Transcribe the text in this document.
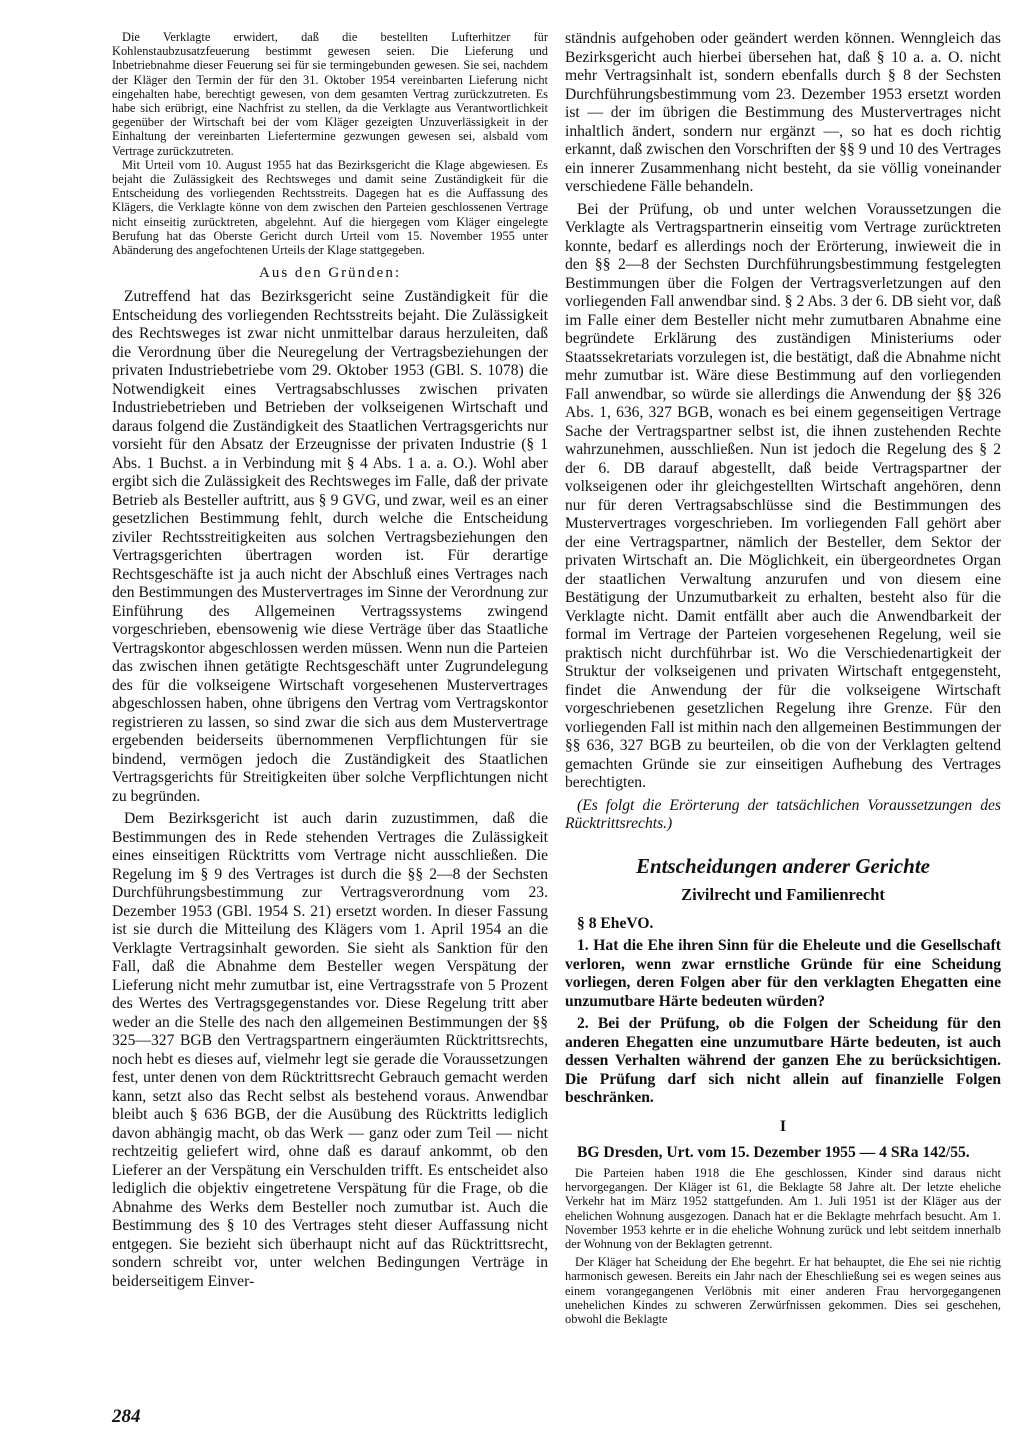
Die Verklagte erwidert, daß die bestellten Lufterhitzer für Kohlenstaubzusatzfeuerung bestimmt gewesen seien. Die Lieferung und Inbetriebnahme dieser Feuerung sei für sie termingebunden gewesen. Sie sei, nachdem der Kläger den Termin der für den 31. Oktober 1954 vereinbarten Lieferung nicht eingehalten habe, berechtigt gewesen, von dem gesamten Vertrag zurückzutreten. Es habe sich erübrigt, eine Nachfrist zu stellen, da die Verklagte aus Verantwortlichkeit gegenüber der Wirtschaft bei der vom Kläger gezeigten Unzuverlässigkeit in der Einhaltung der vereinbarten Liefertermine gezwungen gewesen sei, alsbald vom Vertrage zurückzutreten.

Mit Urteil vom 10. August 1955 hat das Bezirksgericht die Klage abgewiesen. Es bejaht die Zulässigkeit des Rechtsweges und damit seine Zuständigkeit für die Entscheidung des vorliegenden Rechtsstreits. Dagegen hat es die Auffassung des Klägers, die Verklagte könne von dem zwischen den Parteien geschlossenen Vertrage nicht einseitig zurücktreten, abgelehnt. Auf die hiergegen vom Kläger eingelegte Berufung hat das Oberste Gericht durch Urteil vom 15. November 1955 unter Abänderung des angefochtenen Urteils der Klage stattgegeben.

Aus den Gründen:

Zutreffend hat das Bezirksgericht seine Zuständigkeit für die Entscheidung des vorliegenden Rechtsstreits bejaht. Die Zulässigkeit des Rechtsweges ist zwar nicht unmittelbar daraus herzuleiten, daß die Verordnung über die Neuregelung der Vertragsbeziehungen der privaten Industriebetriebe vom 29. Oktober 1953 (GBl. S. 1078) die Notwendigkeit eines Vertragsabschlusses zwischen privaten Industriebetrieben und Betrieben der volkseigenen Wirtschaft und daraus folgend die Zuständigkeit des Staatlichen Vertragsgerichts nur vorsieht für den Absatz der Erzeugnisse der privaten Industrie (§ 1 Abs. 1 Buchst. a in Verbindung mit § 4 Abs. 1 a. a. O.). Wohl aber ergibt sich die Zulässigkeit des Rechtsweges im Falle, daß der private Betrieb als Besteller auftritt, aus § 9 GVG, und zwar, weil es an einer gesetzlichen Bestimmung fehlt, durch welche die Entscheidung ziviler Rechtsstreitigkeiten aus solchen Vertragsbeziehungen den Vertragsgerichten übertragen worden ist. Für derartige Rechtsgeschäfte ist ja auch nicht der Abschluß eines Vertrages nach den Bestimmungen des Mustervertrages im Sinne der Verordnung zur Einführung des Allgemeinen Vertragssystems zwingend vorgeschrieben, ebensowenig wie diese Verträge über das Staatliche Vertragskontor abgeschlossen werden müssen. Wenn nun die Parteien das zwischen ihnen getätigte Rechtsgeschäft unter Zugrundelegung des für die volkseigene Wirtschaft vorgesehenen Mustervertrages abgeschlossen haben, ohne übrigens den Vertrag vom Vertragskontor registrieren zu lassen, so sind zwar die sich aus dem Mustervertrage ergebenden beiderseits übernommenen Verpflichtungen für sie bindend, vermögen jedoch die Zuständigkeit des Staatlichen Vertragsgerichts für Streitigkeiten über solche Verpflichtungen nicht zu begründen.

Dem Bezirksgericht ist auch darin zuzustimmen, daß die Bestimmungen des in Rede stehenden Vertrages die Zulässigkeit eines einseitigen Rücktritts vom Vertrage nicht ausschließen. Die Regelung im § 9 des Vertrages ist durch die §§ 2—8 der Sechsten Durchführungsbestimmung zur Vertragsverordnung vom 23. Dezember 1953 (GBl. 1954 S. 21) ersetzt worden. In dieser Fassung ist sie durch die Mitteilung des Klägers vom 1. April 1954 an die Verklagte Vertragsinhalt geworden. Sie sieht als Sanktion für den Fall, daß die Abnahme dem Besteller wegen Verspätung der Lieferung nicht mehr zumutbar ist, eine Vertragsstrafe von 5 Prozent des Wertes des Vertragsgegenstandes vor. Diese Regelung tritt aber weder an die Stelle des nach den allgemeinen Bestimmungen der §§ 325—327 BGB den Vertragspartnern eingeräumten Rücktrittsrechts, noch hebt es dieses auf, vielmehr legt sie gerade die Voraussetzungen fest, unter denen von dem Rücktrittsrecht Gebrauch gemacht werden kann, setzt also das Recht selbst als bestehend voraus. Anwendbar bleibt auch § 636 BGB, der die Ausübung des Rücktritts lediglich davon abhängig macht, ob das Werk — ganz oder zum Teil — nicht rechtzeitig geliefert wird, ohne daß es darauf ankommt, ob den Lieferer an der Verspätung ein Verschulden trifft. Es entscheidet also lediglich die objektiv eingetretene Verspätung für die Frage, ob die Abnahme des Werks dem Besteller noch zumutbar ist. Auch die Bestimmung des § 10 des Vertrages steht dieser Auffassung nicht entgegen. Sie bezieht sich überhaupt nicht auf das Rücktrittsrecht, sondern schreibt vor, unter welchen Bedingungen Verträge in beiderseitigem Einver-

ständnis aufgehoben oder geändert werden können. Wenngleich das Bezirksgericht auch hierbei übersehen hat, daß § 10 a. a. O. nicht mehr Vertragsinhalt ist, sondern ebenfalls durch § 8 der Sechsten Durchführungsbestimmung vom 23. Dezember 1953 ersetzt worden ist — der im übrigen die Bestimmung des Mustervertrages nicht inhaltlich ändert, sondern nur ergänzt —, so hat es doch richtig erkannt, daß zwischen den Vorschriften der §§ 9 und 10 des Vertrages ein innerer Zusammenhang nicht besteht, da sie völlig voneinander verschiedene Fälle behandeln.

Bei der Prüfung, ob und unter welchen Voraussetzungen die Verklagte als Vertragspartnerin einseitig vom Vertrage zurücktreten konnte, bedarf es allerdings noch der Erörterung, inwieweit die in den §§ 2—8 der Sechsten Durchführungsbestimmung festgelegten Bestimmungen über die Folgen der Vertragsverletzungen auf den vorliegenden Fall anwendbar sind. § 2 Abs. 3 der 6. DB sieht vor, daß im Falle einer dem Besteller nicht mehr zumutbaren Abnahme eine begründete Erklärung des zuständigen Ministeriums oder Staatssekretariats vorzulegen ist, die bestätigt, daß die Abnahme nicht mehr zumutbar ist. Wäre diese Bestimmung auf den vorliegenden Fall anwendbar, so würde sie allerdings die Anwendung der §§ 326 Abs. 1, 636, 327 BGB, wonach es bei einem gegenseitigen Vertrage Sache der Vertragspartner selbst ist, die ihnen zustehenden Rechte wahrzunehmen, ausschließen. Nun ist jedoch die Regelung des § 2 der 6. DB darauf abgestellt, daß beide Vertragspartner der volkseigenen oder ihr gleichgestellten Wirtschaft angehören, denn nur für deren Vertragsabschlüsse sind die Bestimmungen des Mustervertrages vorgeschrieben. Im vorliegenden Fall gehört aber der eine Vertragspartner, nämlich der Besteller, dem Sektor der privaten Wirtschaft an. Die Möglichkeit, ein übergeordnetes Organ der staatlichen Verwaltung anzurufen und von diesem eine Bestätigung der Unzumutbarkeit zu erhalten, besteht also für die Verklagte nicht. Damit entfällt aber auch die Anwendbarkeit der formal im Vertrage der Parteien vorgesehenen Regelung, weil sie praktisch nicht durchführbar ist. Wo die Verschiedenartigkeit der Struktur der volkseigenen und privaten Wirtschaft entgegensteht, findet die Anwendung der für die volkseigene Wirtschaft vorgeschriebenen gesetzlichen Regelung ihre Grenze. Für den vorliegenden Fall ist mithin nach den allgemeinen Bestimmungen der §§ 636, 327 BGB zu beurteilen, ob die von der Verklagten geltend gemachten Gründe sie zur einseitigen Aufhebung des Vertrages berechtigten.

(Es folgt die Erörterung der tatsächlichen Voraussetzungen des Rücktrittsrechts.)

Entscheidungen anderer Gerichte
Zivilrecht und Familienrecht

§ 8 EheVO.

1. Hat die Ehe ihren Sinn für die Eheleute und die Gesellschaft verloren, wenn zwar ernstliche Gründe für eine Scheidung vorliegen, deren Folgen aber für den verklagten Ehegatten eine unzumutbare Härte bedeuten würden?

2. Bei der Prüfung, ob die Folgen der Scheidung für den anderen Ehegatten eine unzumutbare Härte bedeuten, ist auch dessen Verhalten während der ganzen Ehe zu berücksichtigen. Die Prüfung darf sich nicht allein auf finanzielle Folgen beschränken.

I

BG Dresden, Urt. vom 15. Dezember 1955 — 4 SRa 142/55.

Die Parteien haben 1918 die Ehe geschlossen, Kinder sind daraus nicht hervorgegangen. Der Kläger ist 61, die Beklagte 58 Jahre alt. Der letzte eheliche Verkehr hat im März 1952 stattgefunden. Am 1. Juli 1951 ist der Kläger aus der ehelichen Wohnung ausgezogen. Danach hat er die Beklagte mehrfach besucht. Am 1. November 1953 kehrte er in die eheliche Wohnung zurück und lebt seitdem innerhalb der Wohnung von der Beklagten getrennt.

Der Kläger hat Scheidung der Ehe begehrt. Er hat behauptet, die Ehe sei nie richtig harmonisch gewesen. Bereits ein Jahr nach der Eheschließung sei es wegen seines aus einem vorangegangenen Verlöbnis mit einer anderen Frau hervorgegangenen unehelichen Kindes zu schweren Zerwürfnissen gekommen. Dies sei geschehen, obwohl die Beklagte

284
